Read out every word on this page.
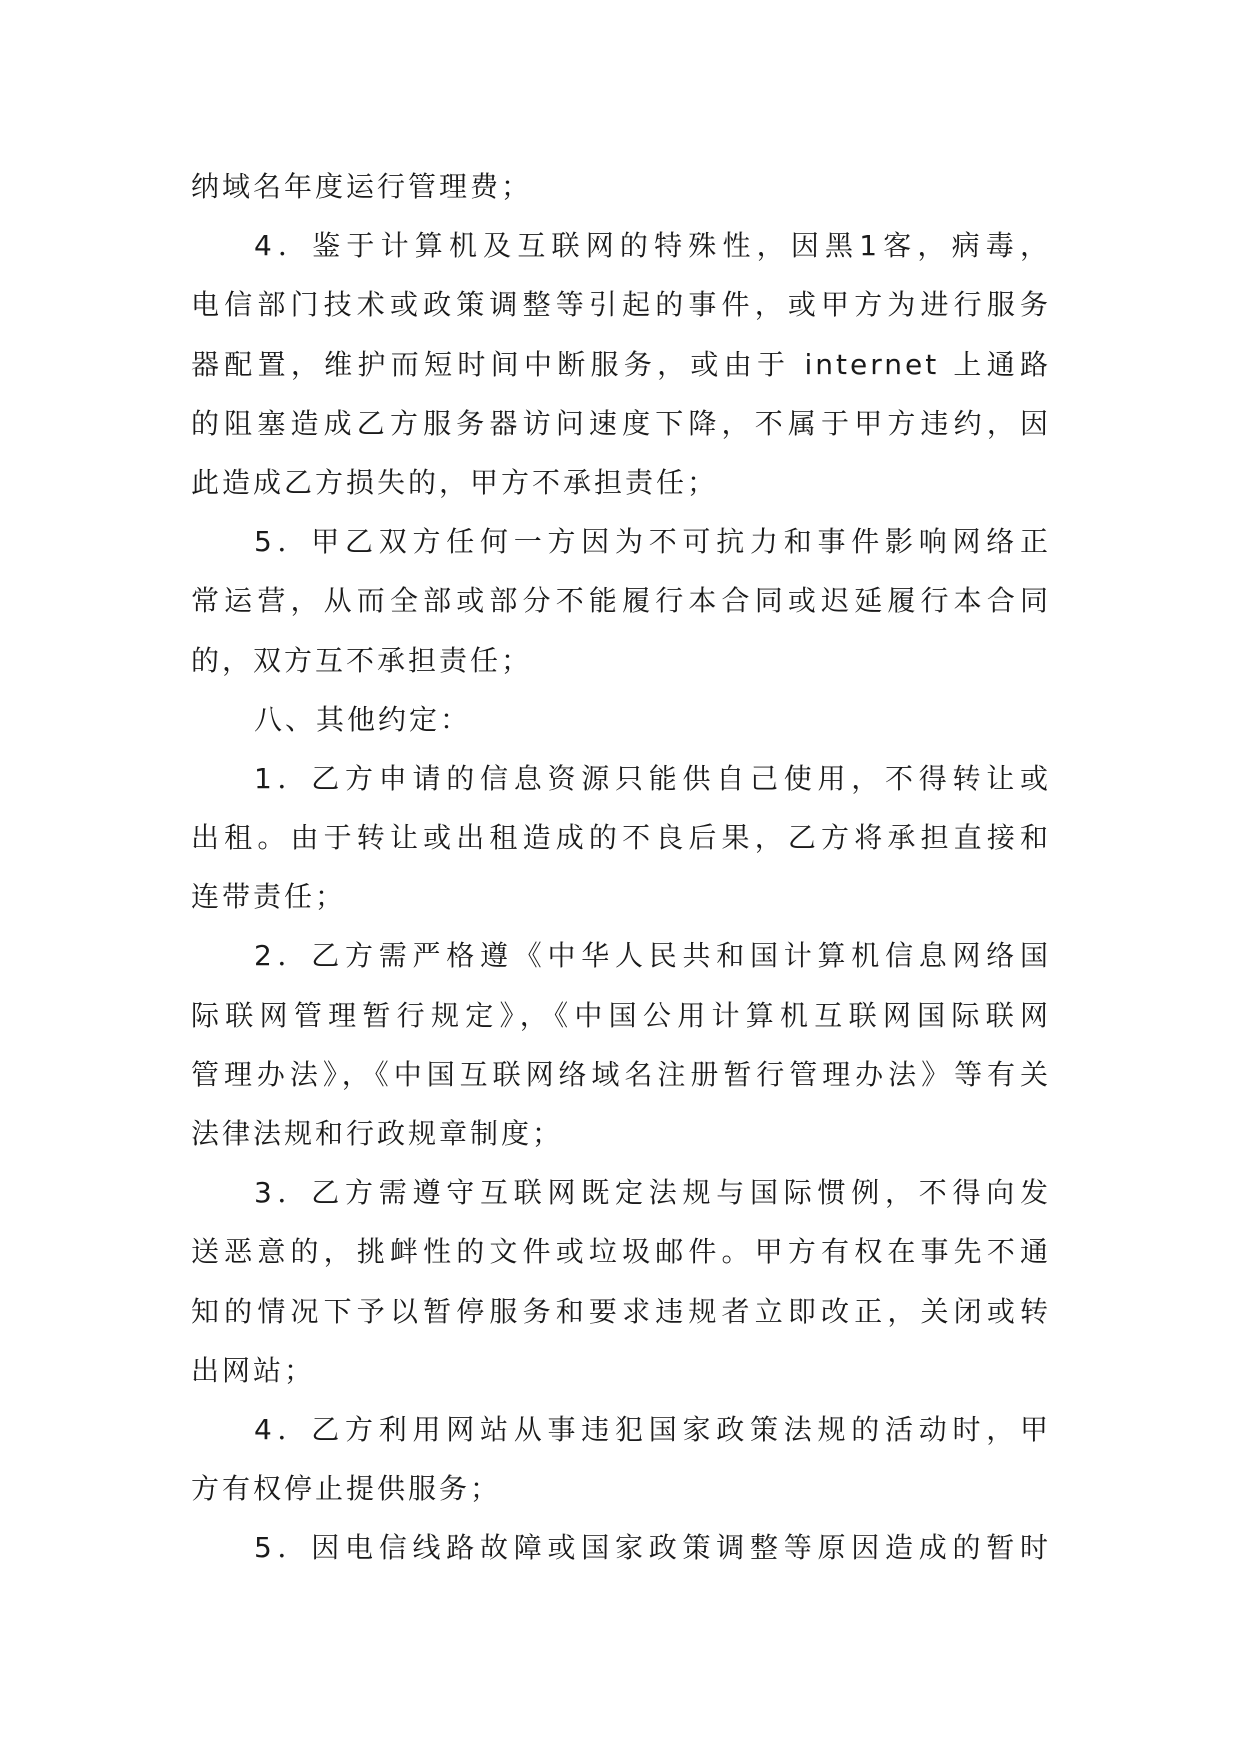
纳域名年度运行管理费；
4．鉴于计算机及互联网的特殊性，因黑1客，病毒，
电信部门技术或政策调整等引起的事件，或甲方为进行服务
器配置，维护而短时间中断服务，或由于 internet 上通路
的阻塞造成乙方服务器访问速度下降，不属于甲方违约，因
此造成乙方损失的，甲方不承担责任；
5．甲乙双方任何一方因为不可抗力和事件影响网络正
常运营，从而全部或部分不能履行本合同或迟延履行本合同
的，双方互不承担责任；
八、其他约定：
1．乙方申请的信息资源只能供自己使用，不得转让或
出租。由于转让或出租造成的不良后果，乙方将承担直接和
连带责任；
2．乙方需严格遵《中华人民共和国计算机信息网络国
际联网管理暂行规定》，《中国公用计算机互联网国际联网
管理办法》，《中国互联网络域名注册暂行管理办法》等有关
法律法规和行政规章制度；
3．乙方需遵守互联网既定法规与国际惯例，不得向发
送恶意的，挑衅性的文件或垃圾邮件。甲方有权在事先不通
知的情况下予以暂停服务和要求违规者立即改正，关闭或转
出网站；
4．乙方利用网站从事违犯国家政策法规的活动时，甲
方有权停止提供服务；
5．因电信线路故障或国家政策调整等原因造成的暂时
